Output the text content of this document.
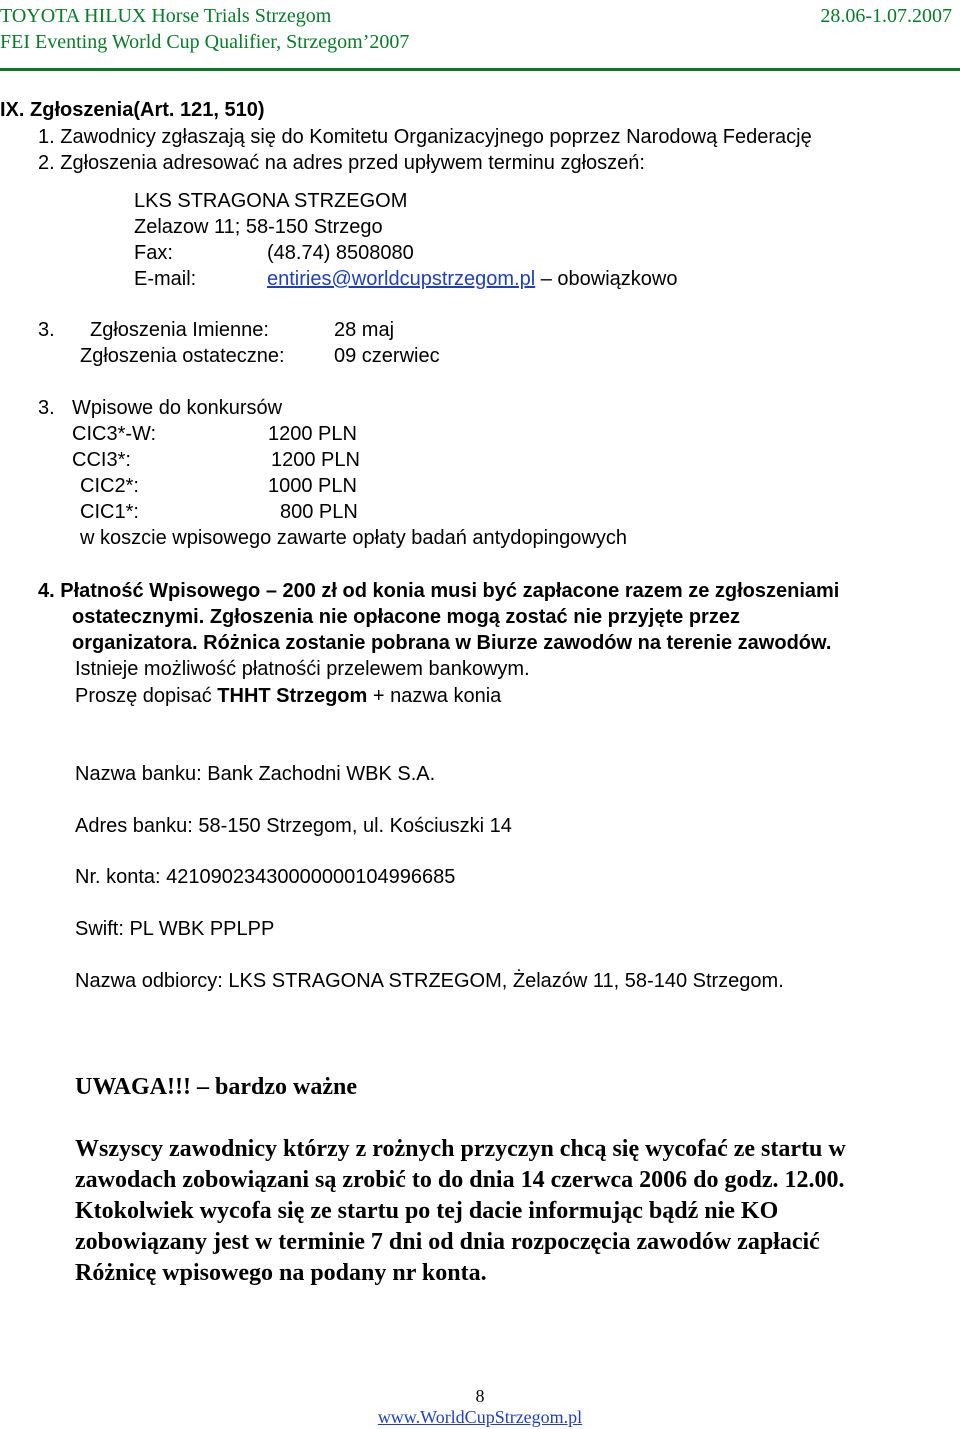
TOYOTA HILUX Horse Trials Strzegom	28.06-1.07.2007
FEI Eventing World Cup Qualifier, Strzegom’2007
IX. Zgłoszenia(Art. 121, 510)
1. Zawodnicy zgłaszają się do Komitetu Organizacyjnego poprzez Narodową Federację
2. Zgłoszenia adresować na adres przed upływem terminu zgłoszeń:
LKS STRAGONA STRZEGOM
Zelazow 11; 58-150 Strzego
Fax:	(48.74) 8508080
E-mail:	entiries@worldcupstrzegom.pl – obowiązkowo
3. Zgłoszenia Imienne:	28 maj
Zgłoszenia ostateczne: 09 czerwiec
3. Wpisowe do konkursów
CIC3*-W:	1200 PLN
CCI3*:	1200 PLN
CIC2*:	1000 PLN
CIC1*:	800 PLN
w koszcie wpisowego zawarte opłaty badań antydopingowych
4. Płatność Wpisowego – 200 zł od konia musi być zapłacone razem ze zgłoszeniami
ostatecznymi. Zgłoszenia nie opłacone mogą zostać nie przyjęte przez
organizatora. Różnica zostanie pobrana w Biurze zawodów na terenie zawodów.
Istnieje możliwość płatnośći przelewem bankowym.
Proszę dopisać THHT Strzegom + nazwa konia
Nazwa banku: Bank Zachodni WBK S.A.
Adres banku: 58-150 Strzegom, ul. Kościuszki 14
Nr. konta: 42109023430000000104996685
Swift: PL WBK PPLPP
Nazwa odbiorcy: LKS STRAGONA STRZEGOM, Żelazów 11, 58-140 Strzegom.
UWAGA!!! – bardzo ważne
Wszyscy zawodnicy którzy z rożnych przyczyn chcą się wycofać ze startu w
zawodach zobowiązani są zrobić to do dnia 14 czerwca 2006 do godz. 12.00.
Ktokolwiek wycofa się ze startu po tej dacie informując bądź nie KO
zobowiązany jest w terminie 7 dni od dnia rozpoczęcia zawodów zapłacić
Różnicę wpisowego na podany nr konta.
8
www.WorldCupStrzegom.pl
